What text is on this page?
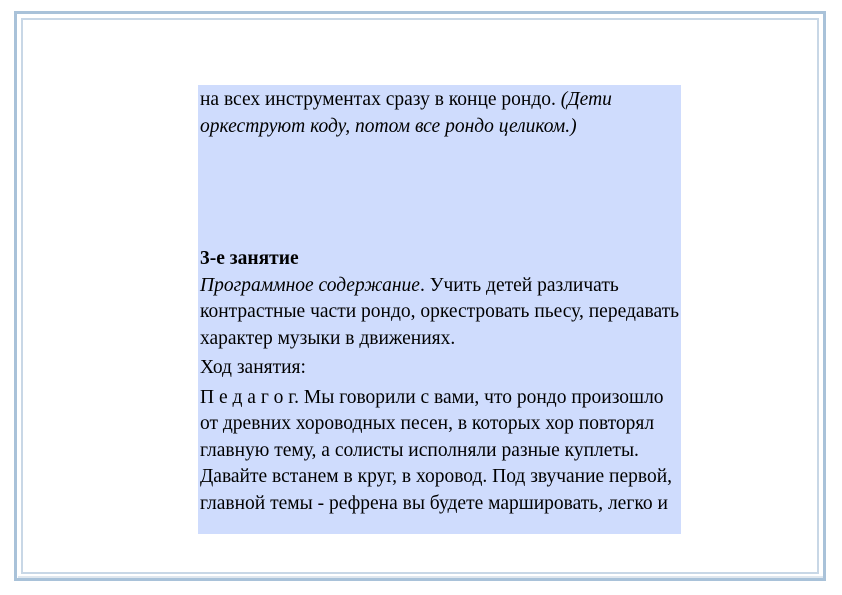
на всех инструментах сразу в конце рондо. (Дети оркеструют коду, потом все рондо целиком.)

3-е занятие

Программное содержание. Учить детей различать контрастные части рондо, оркестровать пьесу, передавать характер музыки в движениях.

Ход занятия:

П е д а г о г. Мы говорили с вами, что рондо произошло от древних хороводных песен, в которых хор повторял главную тему, а солисты исполняли разные куплеты. Давайте встанем в круг, в хоровод. Под звучание первой, главной темы - рефрена вы будете маршировать, легко и
